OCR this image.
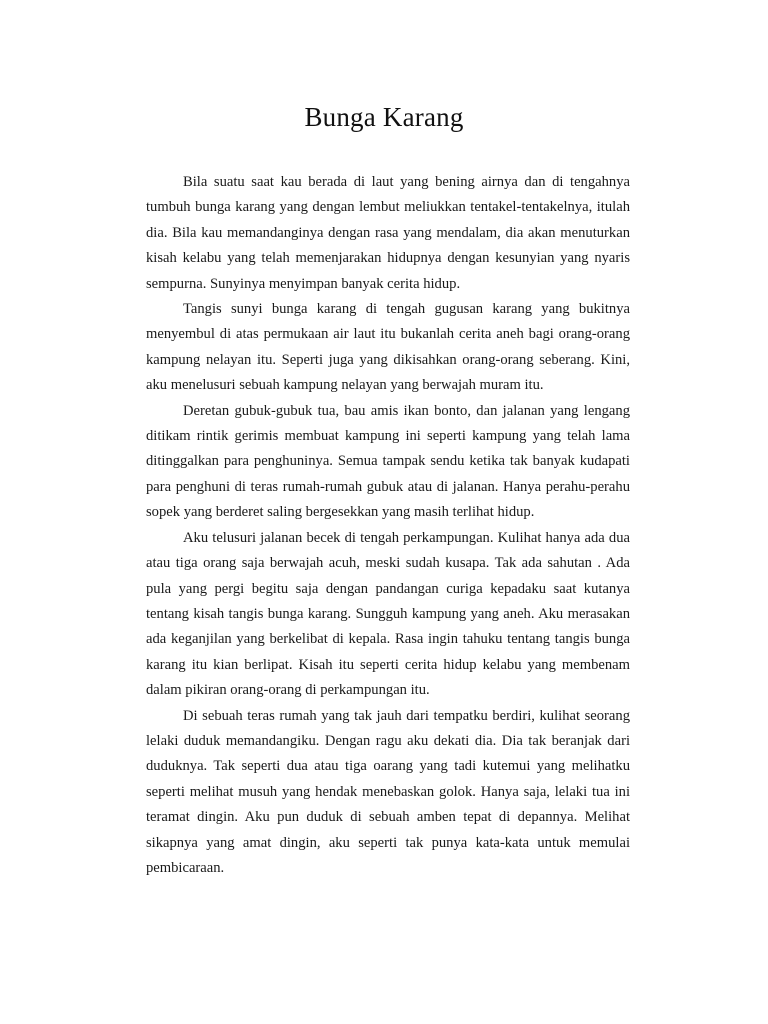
Bunga Karang

Bila suatu saat kau berada di laut yang bening airnya dan di tengahnya tumbuh bunga karang yang dengan lembut meliukkan tentakel-tentakelnya, itulah dia. Bila kau memandanginya dengan rasa yang mendalam, dia akan menuturkan kisah kelabu yang telah memenjarakan hidupnya dengan kesunyian yang nyaris sempurna. Sunyinya menyimpan banyak cerita hidup.

Tangis sunyi bunga karang di tengah gugusan karang yang bukitnya menyembul di atas permukaan air laut itu bukanlah cerita aneh bagi orang-orang kampung nelayan itu. Seperti juga yang dikisahkan orang-orang seberang. Kini, aku menelusuri sebuah kampung nelayan yang berwajah muram itu.

Deretan gubuk-gubuk tua, bau amis ikan bonto, dan jalanan yang lengang ditikam rintik gerimis membuat kampung ini seperti kampung yang telah lama ditinggalkan para penghuninya. Semua tampak sendu ketika tak banyak kudapati para penghuni di teras rumah-rumah gubuk atau di jalanan. Hanya perahu-perahu sopek yang berderet saling bergesekkan yang masih terlihat hidup.

Aku telusuri jalanan becek di tengah perkampungan. Kulihat hanya ada dua atau tiga orang saja berwajah acuh, meski sudah kusapa. Tak ada sahutan . Ada pula yang pergi begitu saja dengan pandangan curiga kepadaku saat kutanya tentang kisah tangis bunga karang. Sungguh kampung yang aneh. Aku merasakan ada keganjilan yang berkelibat di kepala. Rasa ingin tahuku tentang tangis bunga karang itu kian berlipat. Kisah itu seperti cerita hidup kelabu yang membenam dalam pikiran orang-orang di perkampungan itu.

Di sebuah teras rumah yang tak jauh dari tempatku berdiri, kulihat seorang lelaki duduk memandangiku. Dengan ragu aku dekati dia. Dia tak beranjak dari duduknya. Tak seperti dua atau tiga oarang yang tadi kutemui yang melihatku seperti melihat musuh yang hendak menebaskan golok. Hanya saja, lelaki tua ini teramat dingin. Aku pun duduk di sebuah amben tepat di depannya. Melihat sikapnya yang amat dingin, aku seperti tak punya kata-kata untuk memulai pembicaraan.
